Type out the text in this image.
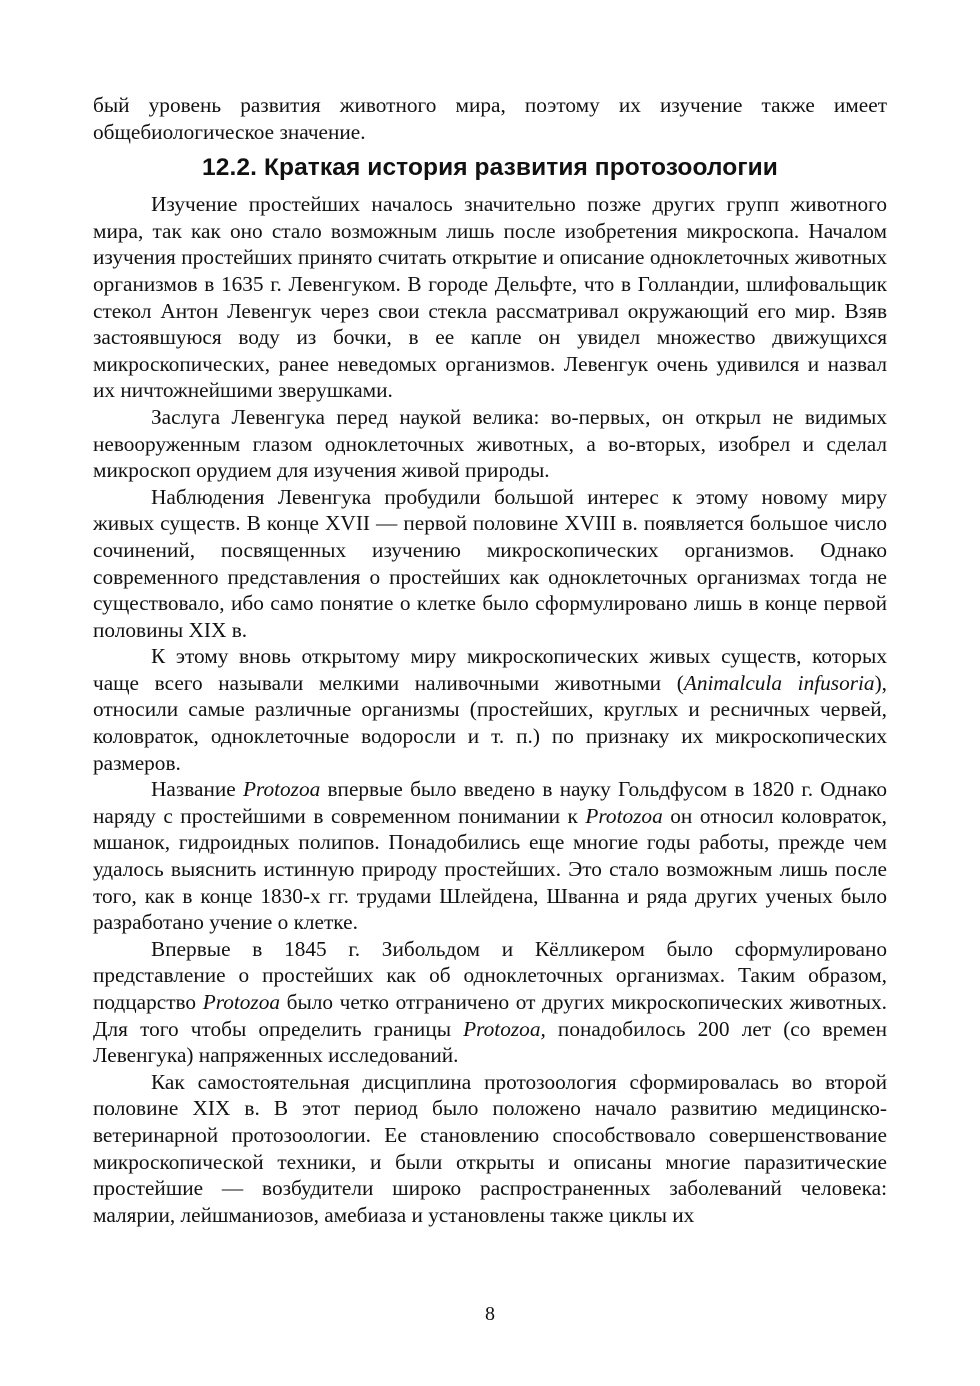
бый уровень развития животного мира, поэтому их изучение также имеет общебиологическое значение.

12.2. Краткая история развития протозоологии

Изучение простейших началось значительно позже других групп животного мира, так как оно стало возможным лишь после изобретения микроскопа. Началом изучения простейших принято считать открытие и описание одноклеточных животных организмов в 1635 г. Левенгуком. В городе Дельфте, что в Голландии, шлифовальщик стекол Антон Левенгук через свои стекла рассматривал окружающий его мир. Взяв застоявшуюся воду из бочки, в ее капле он увидел множество движущихся микроскопических, ранее неведомых организмов. Левенгук очень удивился и назвал их ничтожнейшими зверушками.

Заслуга Левенгука перед наукой велика: во-первых, он открыл не видимых невооруженным глазом одноклеточных животных, а во-вторых, изобрел и сделал микроскоп орудием для изучения живой природы.

Наблюдения Левенгука пробудили большой интерес к этому новому миру живых существ. В конце XVII — первой половине XVIII в. появляется большое число сочинений, посвященных изучению микроскопических организмов. Однако современного представления о простейших как одноклеточных организмах тогда не существовало, ибо само понятие о клетке было сформулировано лишь в конце первой половины XIX в.

К этому вновь открытому миру микроскопических живых существ, которых чаще всего называли мелкими наливочными животными (Animalcula infusoria), относили самые различные организмы (простейших, круглых и ресничных червей, коловраток, одноклеточные водоросли и т. п.) по признаку их микроскопических размеров.

Название Protozoa впервые было введено в науку Гольдфусом в 1820 г. Однако наряду с простейшими в современном понимании к Protozoa он относил коловраток, мшанок, гидроидных полипов. Понадобились еще многие годы работы, прежде чем удалось выяснить истинную природу простейших. Это стало возможным лишь после того, как в конце 1830-х гг. трудами Шлейдена, Шванна и ряда других ученых было разработано учение о клетке.

Впервые в 1845 г. Зибольдом и Кёлликером было сформулировано представление о простейших как об одноклеточных организмах. Таким образом, подцарство Protozoa было четко отграничено от других микроскопических животных. Для того чтобы определить границы Protozoa, понадобилось 200 лет (со времен Левенгука) напряженных исследований.

Как самостоятельная дисциплина протозоология сформировалась во второй половине XIX в. В этот период было положено начало развитию медицинско-ветеринарной протозоологии. Ее становлению способствовало совершенствование микроскопической техники, и были открыты и описаны многие паразитические простейшие — возбудители широко распространенных заболеваний человека: малярии, лейшманиозов, амебиаза и установлены также циклы их

8
